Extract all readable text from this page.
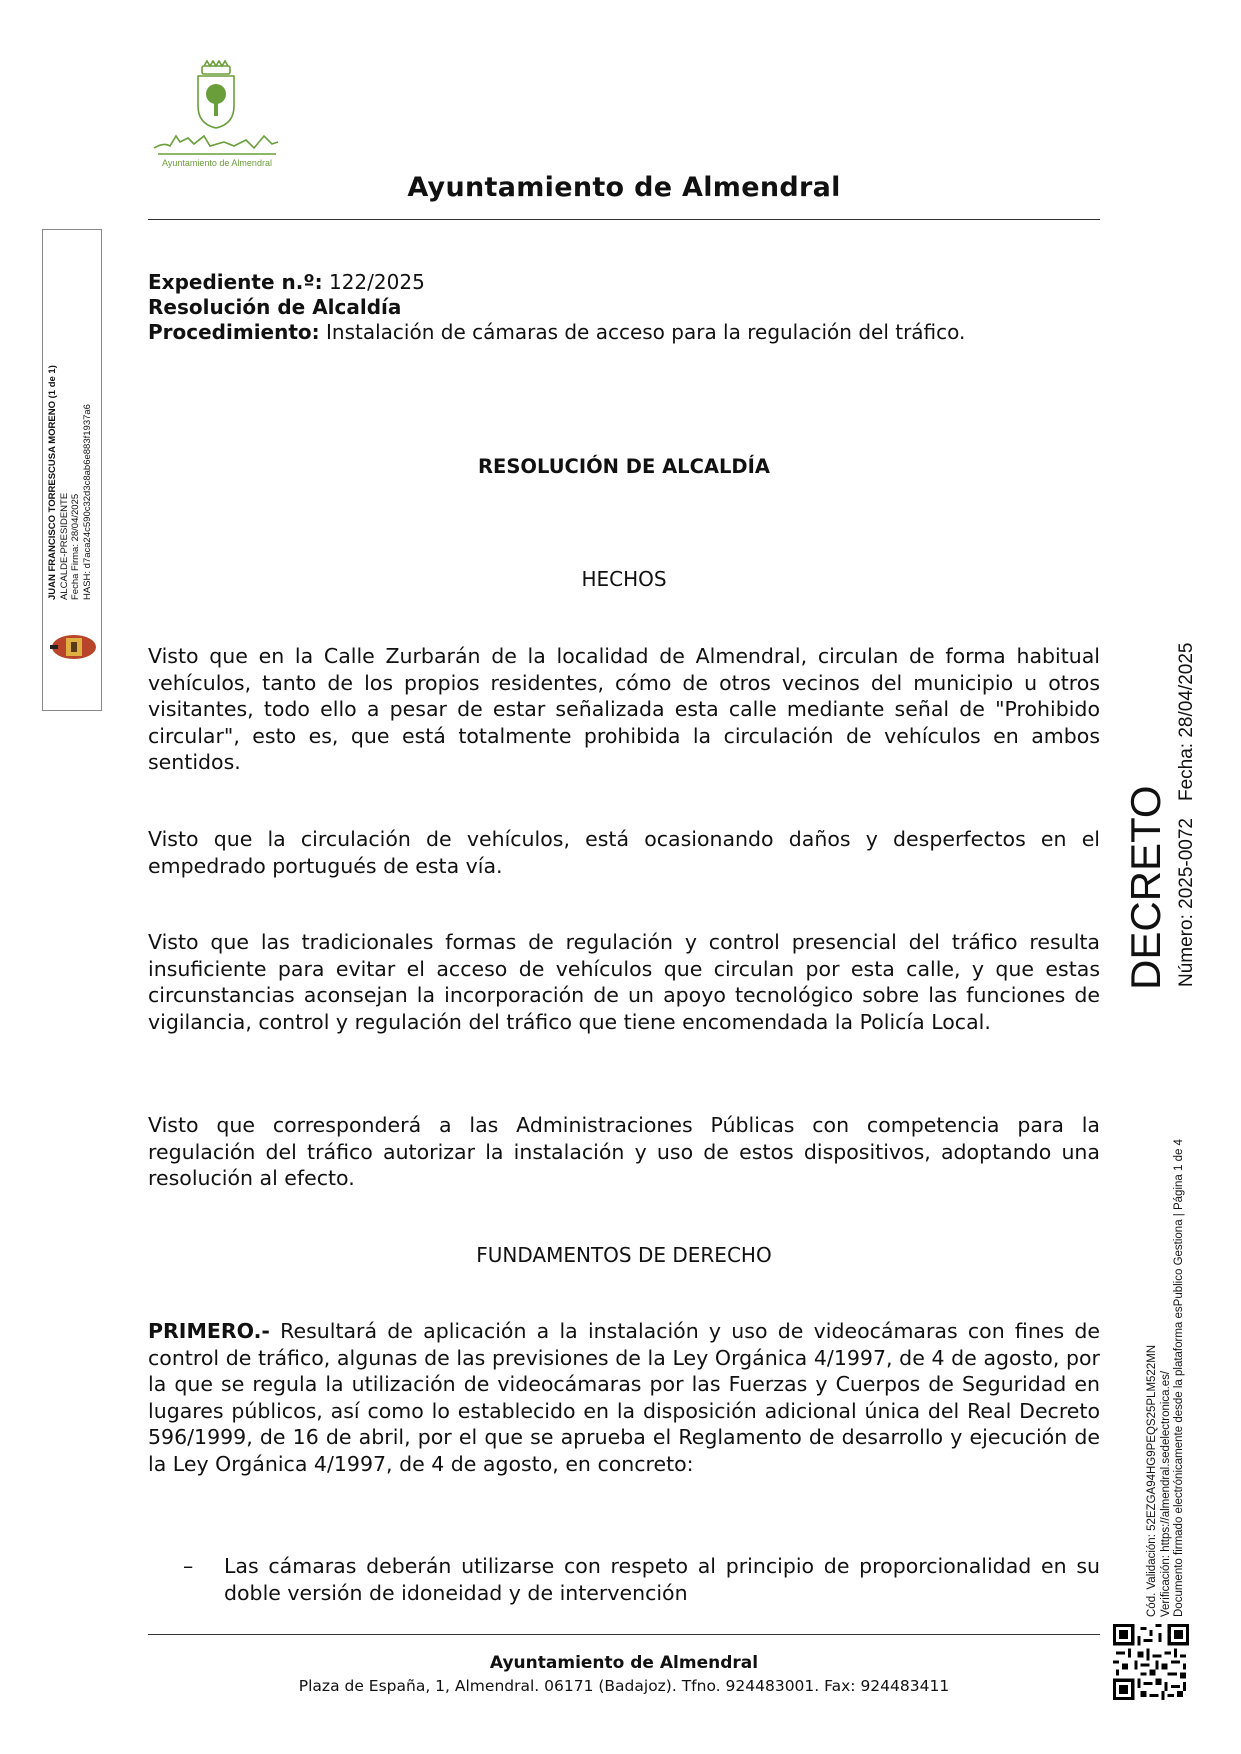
Ayuntamiento de Almendral
Ayuntamiento de Almendral
Expediente n.º: 122/2025
Resolución de Alcaldía
Procedimiento: Instalación de cámaras de acceso para la regulación del tráfico.
RESOLUCIÓN DE ALCALDÍA
HECHOS
Visto que en la Calle Zurbarán de la localidad de Almendral, circulan de forma habitual vehículos, tanto de los propios residentes, cómo de otros vecinos del municipio u otros visitantes, todo ello a pesar de estar señalizada esta calle mediante señal de "Prohibido circular", esto es, que está totalmente prohibida la circulación de vehículos en ambos sentidos.
Visto que la circulación de vehículos, está ocasionando daños y desperfectos en el empedrado portugués de esta vía.
Visto que las tradicionales formas de regulación y control presencial del tráfico resulta insuficiente para evitar el acceso de vehículos que circulan por esta calle, y que estas circunstancias aconsejan la incorporación de un apoyo tecnológico sobre las funciones de vigilancia, control y regulación del tráfico que tiene encomendada la Policía Local.
Visto que corresponderá a las Administraciones Públicas con competencia para la regulación del tráfico autorizar la instalación y uso de estos dispositivos, adoptando una resolución al efecto.
FUNDAMENTOS DE DERECHO
PRIMERO.- Resultará de aplicación a la instalación y uso de videocámaras con fines de control de tráfico, algunas de las previsiones de la Ley Orgánica 4/1997, de 4 de agosto, por la que se regula la utilización de videocámaras por las Fuerzas y Cuerpos de Seguridad en lugares públicos, así como lo establecido en la disposición adicional única del Real Decreto 596/1999, de 16 de abril, por el que se aprueba el Reglamento de desarrollo y ejecución de la Ley Orgánica 4/1997, de 4 de agosto, en concreto:
– Las cámaras deberán utilizarse con respeto al principio de proporcionalidad en su doble versión de idoneidad y de intervención
Ayuntamiento de Almendral
Plaza de España, 1, Almendral. 06171 (Badajoz). Tfno. 924483001. Fax: 924483411
JUAN FRANCISCO TORRESCUSA MORENO (1 de 1) ALCALDE-PRESIDENTE Fecha Firma: 28/04/2025 HASH: d7aca24c590c32d3c8ab6e883f1937a6
DECRETO Número: 2025-0072
Fecha: 28/04/2025
Cód. Validación: 52EZGA94HG9PEQS25PLM522MN Verificación: https://almendral.sedelectronica.es/ Documento firmado electrónicamente desde la plataforma esPublico Gestiona | Página 1 de 4
